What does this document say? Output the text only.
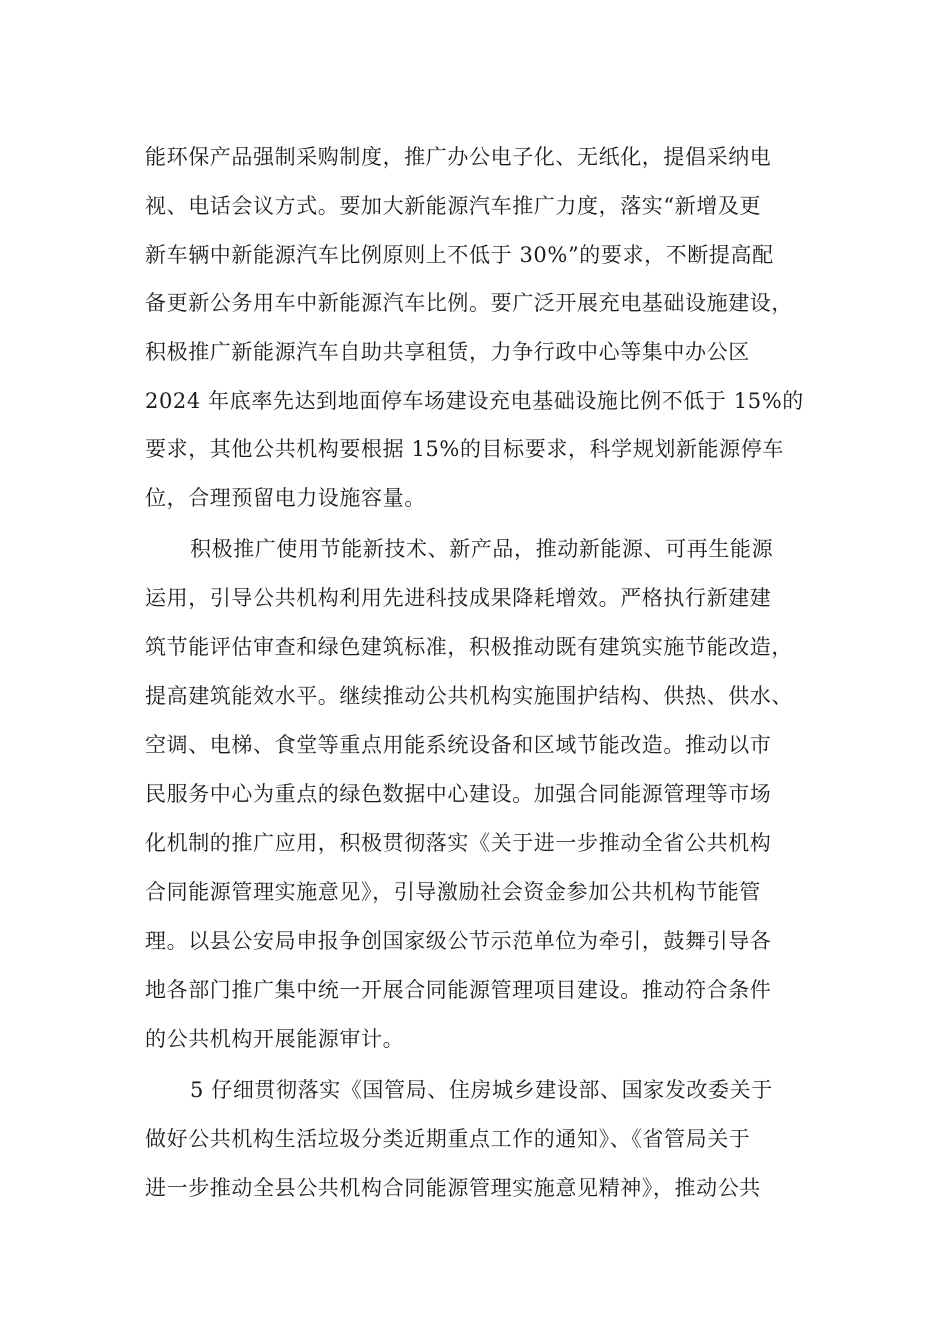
能环保产品强制采购制度，推广办公电子化、无纸化，提倡采纳电
视、电话会议方式。要加大新能源汽车推广力度，落实“新增及更
新车辆中新能源汽车比例原则上不低于 30%”的要求，不断提高配
备更新公务用车中新能源汽车比例。要广泛开展充电基础设施建设，
积极推广新能源汽车自助共享租赁，力争行政中心等集中办公区
2024 年底率先达到地面停车场建设充电基础设施比例不低于 15%的
要求，其他公共机构要根据 15%的目标要求，科学规划新能源停车
位，合理预留电力设施容量。
积极推广使用节能新技术、新产品，推动新能源、可再生能源
运用，引导公共机构利用先进科技成果降耗增效。严格执行新建建
筑节能评估审查和绿色建筑标准，积极推动既有建筑实施节能改造，
提高建筑能效水平。继续推动公共机构实施围护结构、供热、供水、
空调、电梯、食堂等重点用能系统设备和区域节能改造。推动以市
民服务中心为重点的绿色数据中心建设。加强合同能源管理等市场
化机制的推广应用，积极贯彻落实《关于进一步推动全省公共机构
合同能源管理实施意见》，引导激励社会资金参加公共机构节能管
理。以县公安局申报争创国家级公节示范单位为牵引，鼓舞引导各
地各部门推广集中统一开展合同能源管理项目建设。推动符合条件
的公共机构开展能源审计。
5 仔细贯彻落实《国管局、住房城乡建设部、国家发改委关于
做好公共机构生活垃圾分类近期重点工作的通知》、《省管局关于
进一步推动全县公共机构合同能源管理实施意见精神》，推动公共
